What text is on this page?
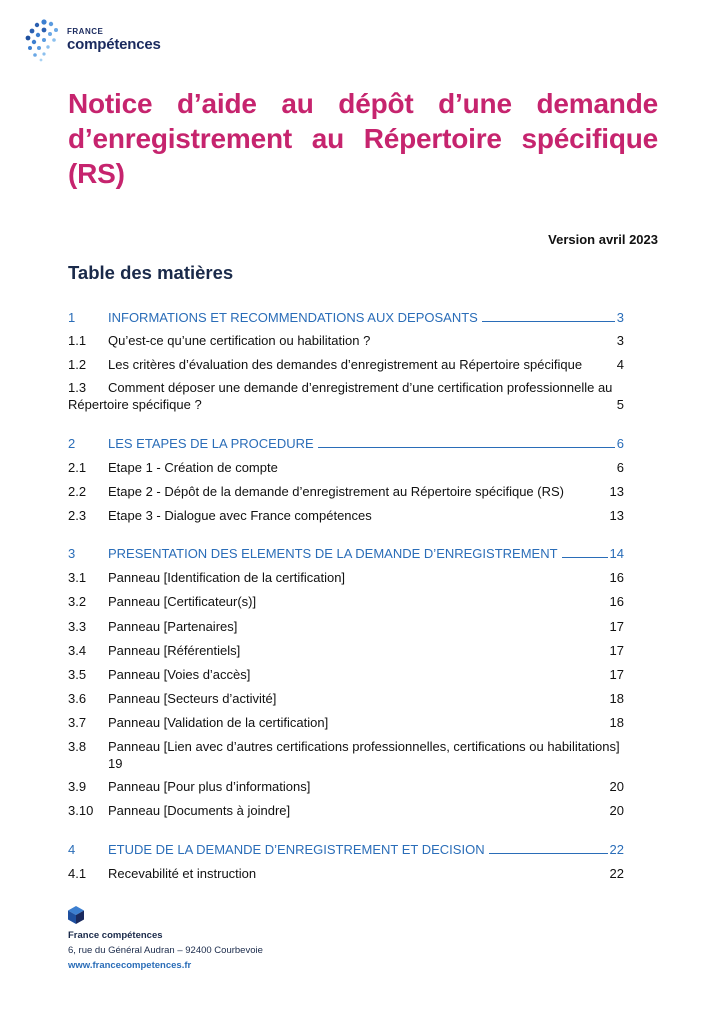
FRANCE
compétences
Notice d’aide au dépôt d’une demande d’enregistrement au Répertoire spécifique (RS)
Version avril 2023
Table des matières
1	INFORMATIONS ET RECOMMENDATIONS AUX DEPOSANTS	3
1.1	Qu’est-ce qu’une certification ou habilitation ?	3
1.2	Les critères d’évaluation des demandes d’enregistrement au Répertoire spécifique	4
1.3	Comment déposer une demande d’enregistrement d’une certification professionnelle au
Répertoire spécifique ?	5
2	LES ETAPES DE LA PROCEDURE	6
2.1	Etape 1 - Création de compte	6
2.2	Etape 2 - Dépôt de la demande d’enregistrement au Répertoire spécifique (RS)	13
2.3	Etape 3 - Dialogue avec France compétences	13
3	PRESENTATION DES ELEMENTS DE LA DEMANDE D’ENREGISTREMENT	14
3.1	Panneau [Identification de la certification]	16
3.2	Panneau [Certificateur(s)]	16
3.3	Panneau [Partenaires]	17
3.4	Panneau [Référentiels]	17
3.5	Panneau [Voies d’accès]	17
3.6	Panneau [Secteurs d’activité]	18
3.7	Panneau [Validation de la certification]	18
3.8	Panneau [Lien avec d’autres certifications professionnelles, certifications ou habilitations]
19
3.9	Panneau [Pour plus d’informations]	20
3.10	Panneau [Documents à joindre]	20
4	ETUDE DE LA DEMANDE D’ENREGISTREMENT ET DECISION	22
4.1	Recevabilité et instruction	22
France compétences
6, rue du Général Audran – 92400 Courbevoie
www.francecompetences.fr
